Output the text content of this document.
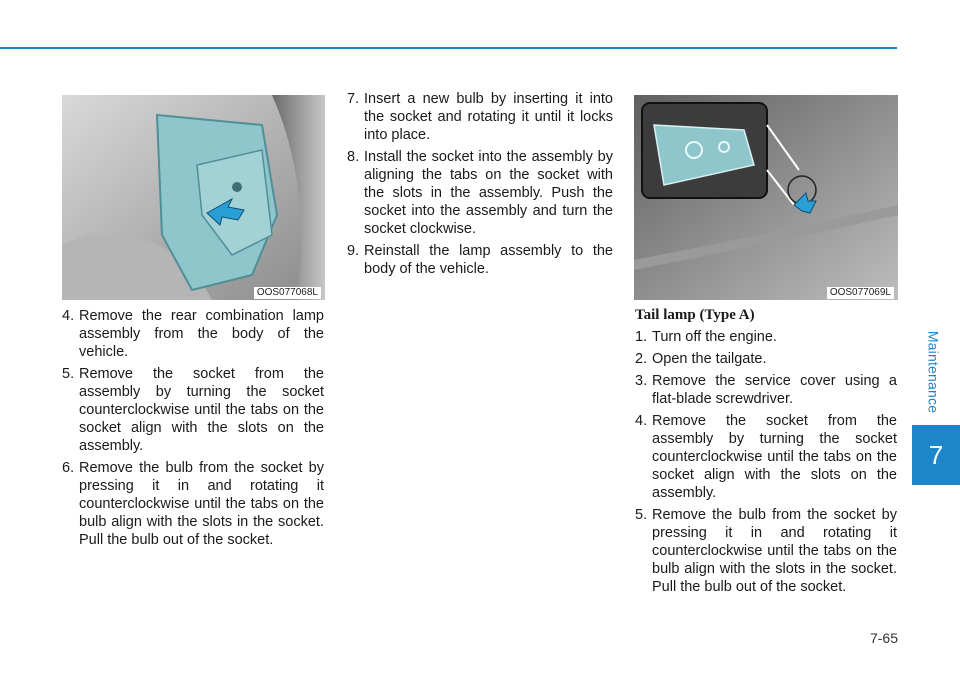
Maintenance
7
OOS077068L	OOS077069L
4. Remove the rear combination lamp assembly from the body of the vehicle.
5. Remove the socket from the assembly by turning the socket counterclockwise until the tabs on the socket align with the slots on the assembly.
6. Remove the bulb from the socket by pressing it in and rotating it counterclockwise until the tabs on the bulb align with the slots in the socket. Pull the bulb out of the socket.
7. Insert a new bulb by inserting it into the socket and rotating it until it locks into place.
8. Install the socket into the assembly by aligning the tabs on the socket with the slots in the assembly. Push the socket into the assembly and turn the socket clockwise.
9. Reinstall the lamp assembly to the body of the vehicle.
Tail lamp (Type A)
1. Turn off the engine.
2. Open the tailgate.
3. Remove the service cover using a flat-blade screwdriver.
4. Remove the socket from the assembly by turning the socket counterclockwise until the tabs on the socket align with the slots on the assembly.
5. Remove the bulb from the socket by pressing it in and rotating it counterclockwise until the tabs on the bulb align with the slots in the socket. Pull the bulb out of the socket.
7-65
